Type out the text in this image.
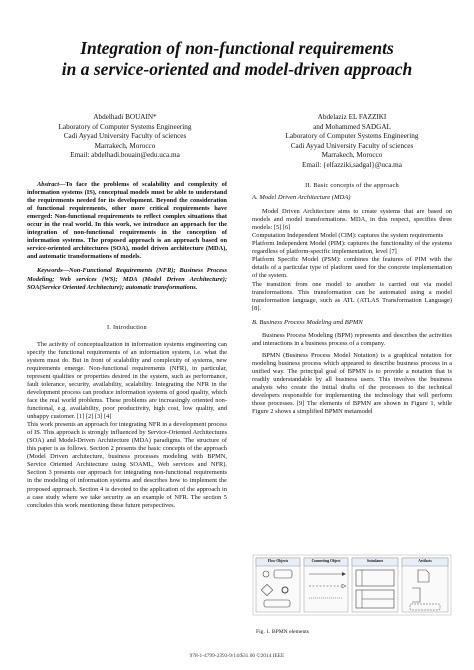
Integration of non-functional requirements
in a service-oriented and model-driven approach
Abdelhadi BOUAIN*
Laboratory of Computer Systems Engineering
Cadi Ayyad University Faculty of sciences
Marrakech, Morocco
Email: abdelhadi.bouain@edu.uca.ma
Abdelaziz EL FAZZIKI
and Mohammed SADGAL
Laboratory of Computer Systems Engineering
Cadi Ayyad University Faculty of sciences
Marrakech, Morocco
Email: {elfazziki,sadgal}@uca.ma

Abstract—To face the problems of scalability and complexity of information systems (IS), conceptual models must be able to understand the requirements needed for its development. Beyond the consideration of functional requirements, other more critical requirements have emerged: Non-functional requirements to reflect complex situations that occur in the real world. In this work, we introduce an approach for the integration of non-functional requirements in the conception of information systems. The proposed approach is an approach based on service-oriented architectures (SOA), model driven architecture (MDA), and automatic transformations of models.

Keywords—Non-Functional Requirements (NFR); Business Process Modeling; Web services (WS); MDA (Model Driven Architecture); SOA(Service Oriented Architecture); automatic transformations.

I. Introduction

The activity of conceptualization in information systems engineering can specify the functional requirements of an information system, i.e. what the system must do. But in front of scalability and complexity of systems, new requirements emerge. Non-functional requirements (NFR), in particular, represent qualities or properties desired in the system, such as performance, fault tolerance, security, availability, scalability. Integrating the NFR in the development process can produce information systems of good quality, which face the real world problems. These problems are increasingly oriented non-functional, e.g. availability, poor productivity, high cost, low quality, and unhappy customer. [1] [2] [3] [4]

This work presents an approach for integrating NFR in a development process of IS. This approach is strongly influenced by Service-Oriented Architectures (SOA) and Model-Driven Architecture (MDA) paradigms. The structure of this paper is as follows. Section 2 presents the basic concepts of the approach (Model Driven architecture, business processes modeling with BPMN, Service Oriented Architecture using SOAML, Web services and NFR). Section 3 presents our approach for integrating non-functional requirements in the modeling of information systems and describes how to implement the proposed approach. Section 4 is devoted to the application of the approach in a case study where we take security as an example of NFR. The section 5 concludes this work mentioning these future perspectives.

II. Basic concepts of the approach

A. Model Driven Architecture (MDA)

Model Driven Architecture aims to create systems that are based on models and model transformations. MDA, in this respect, specifies three models: [5] [6]

Computation Independent Model (CIM): captures the system requirements

Platform Independent Model (PIM): captures the functionality of the systems regardless of platform-specific implementation, level [7]

Platform Specific Model (PSM): combines the features of PIM with the details of a particular type of platform used for the concrete implementation of the system.

The transition from one model to another is carried out via model transformations. This transformation can be automated using a model transformation language, such as ATL (ATLAS Transformation Language) [8].

B. Business Process Modeling and BPMN

Business Process Modeling (BPM) represents and describes the activities and interactions in a business process of a company.

BPMN (Business Process Model Notation) is a graphical notation for modeling business process which appeared to describe business process in a unified way. The principal goal of BPMN is to provide a notation that is readily understandable by all business users. This involves the business analysts who create the initial drafts of the processes to the technical developers responsible for implementing the technology that will perform those processes. [9] The elements of BPMN are shown in Figure 1, while Figure 2 shows a simplified BPMN metamodel

Flow Objects	Connecting Object	Swimlanes	Artifacts
Fig. 1. BPMN elements
978-1-4799-2393-9/14/$31.00 ©2014 IEEE
